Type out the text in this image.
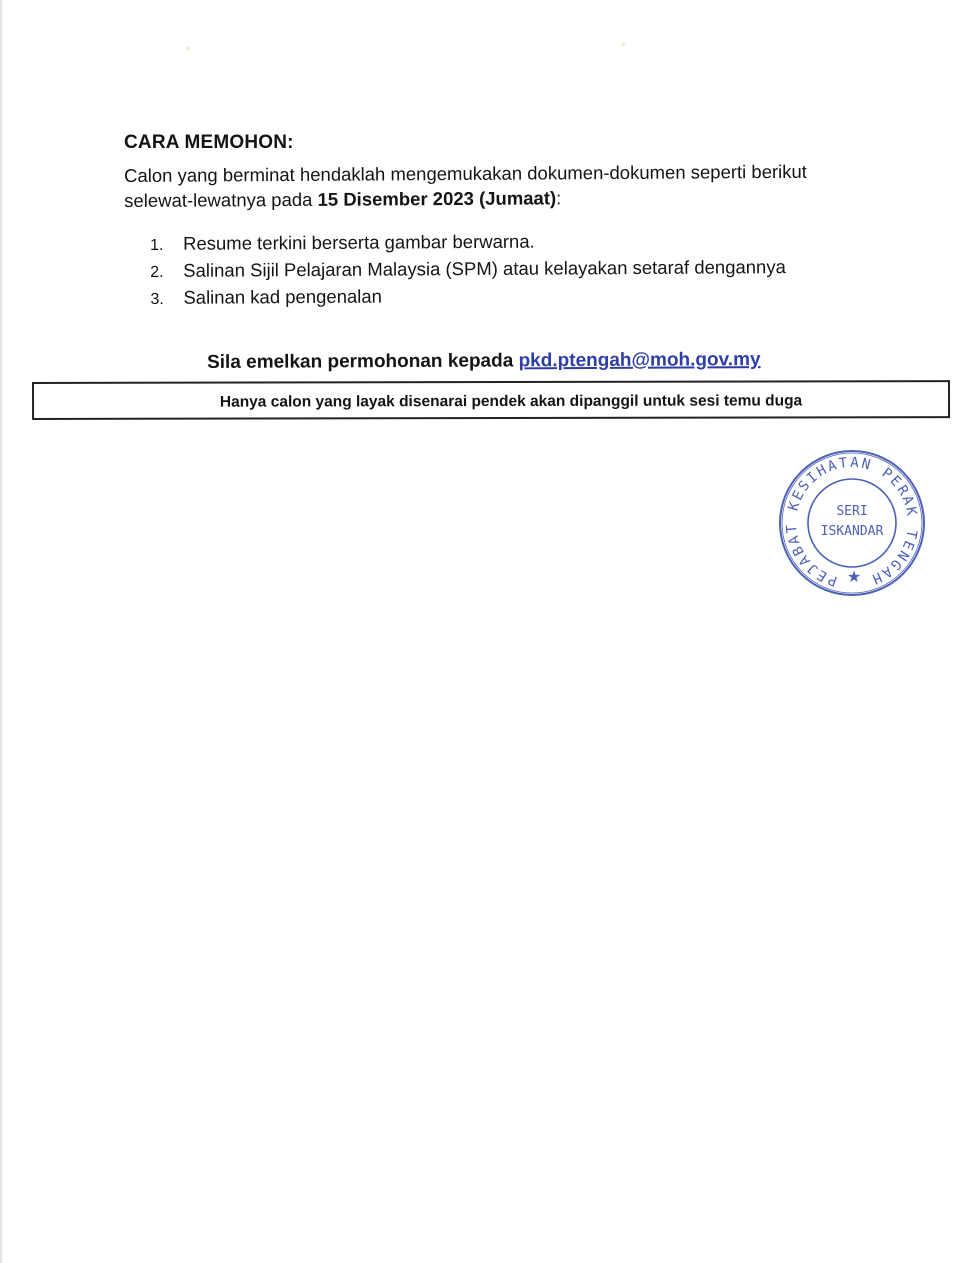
CARA MEMOHON:
Calon yang berminat hendaklah mengemukakan dokumen-dokumen seperti berikut selewat-lewatnya pada 15 Disember 2023 (Jumaat):
1.	Resume terkini berserta gambar berwarna.
2.	Salinan Sijil Pelajaran Malaysia (SPM) atau kelayakan setaraf dengannya
3.	Salinan kad pengenalan
Sila emelkan permohonan kepada pkd.ptengah@moh.gov.my
Hanya calon yang layak disenarai pendek akan dipanggil untuk sesi temu duga
PEJABAT KESIHATAN PERAK TENGAH
SERI
ISKANDAR
★
